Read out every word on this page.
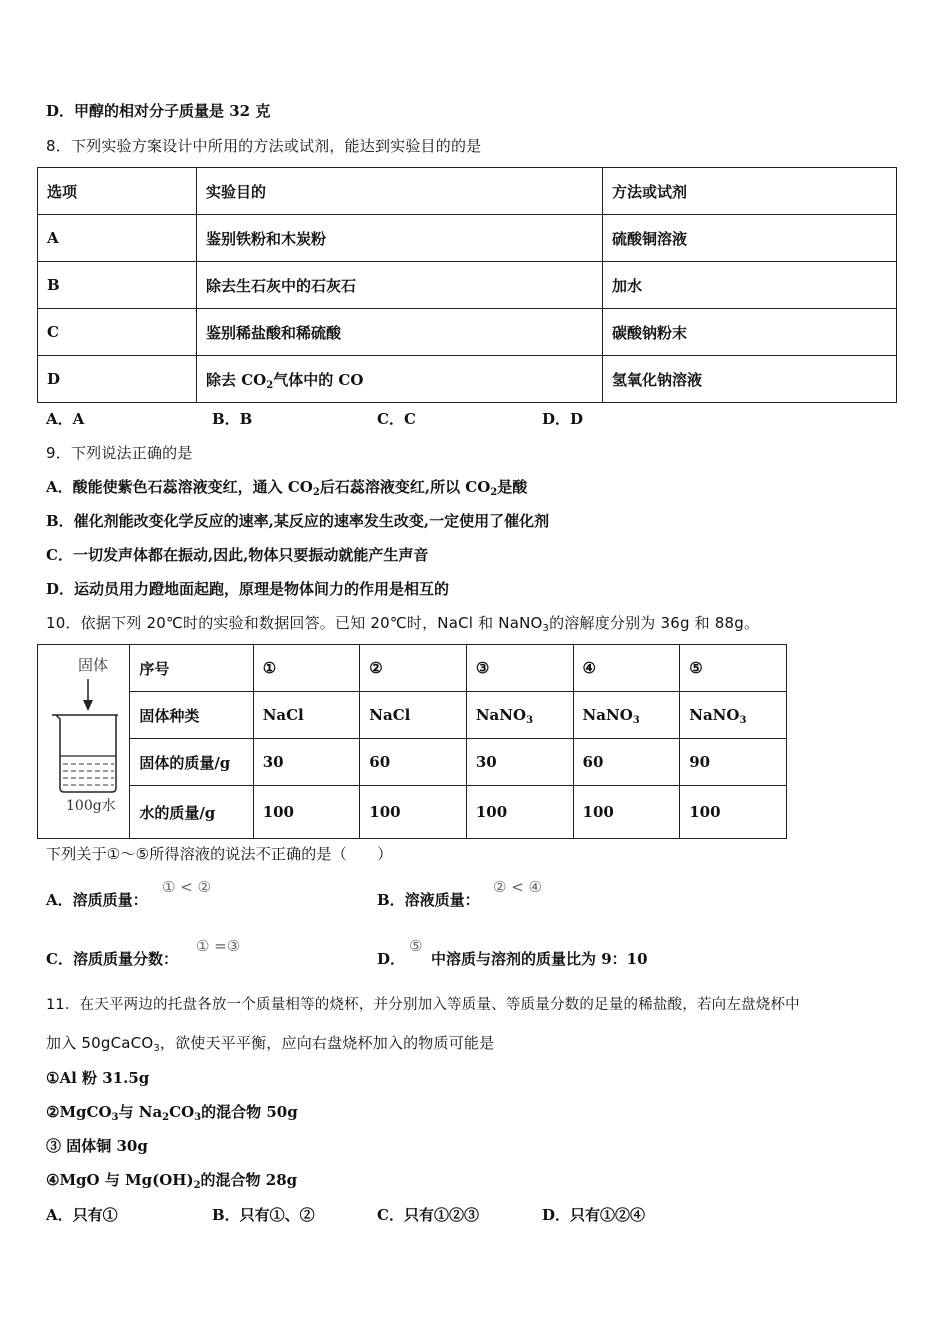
D．甲醇的相对分子质量是 32 克
8．下列实验方案设计中所用的方法或试剂，能达到实验目的的是
选项	实验目的	方法或试剂
A	鉴别铁粉和木炭粉	硫酸铜溶液
B	除去生石灰中的石灰石	加水
C	鉴别稀盐酸和稀硫酸	碳酸钠粉末
D	除去 $CO_2$气体中的 CO	氢氧化钠溶液
A．A	B．B	C．C	D．D
9．下列说法正确的是
A．酸能使紫色石蕊溶液变红，通入 $CO_2$后石蕊溶液变红,所以 $CO_2$是酸
B．催化剂能改变化学反应的速率,某反应的速率发生改变,一定使用了催化剂
C．一切发声体都在振动,因此,物体只要振动就能产生声音
D．运动员用力蹬地面起跑，原理是物体间力的作用是相互的
10．依据下列 20℃时的实验和数据回答。已知 20℃时，NaCl 和 NaNO$_3$的溶解度分别为 36g 和 88g。
固体
100g水	序号	①	②	③	④	⑤
	固体种类	NaCl	NaCl	NaNO$_3$	NaNO$_3$	NaNO$_3$
	固体的质量/g	30	60	30	60	90
	水的质量/g	100	100	100	100	100
下列关于①～⑤所得溶液的说法不正确的是（　　）
A．溶质质量：
① < ②
B．溶液质量：
② < ④
C．溶质质量分数：
① =③
D．
⑤
中溶质与溶剂的质量比为 9：10
11．在天平两边的托盘各放一个质量相等的烧杯，并分别加入等质量、等质量分数的足量的稀盐酸，若向左盘烧杯中
加入 50gCaCO$_3$，欲使天平平衡，应向右盘烧杯加入的物质可能是
①Al 粉 31.5g
②MgCO$_3$与 $Na_2CO_3$的混合物 50g
③ 固体铜 30g
④MgO 与 $Mg(OH)_2$的混合物 28g
A．只有①	B．只有①、②	C．只有①②③	D．只有①②④
